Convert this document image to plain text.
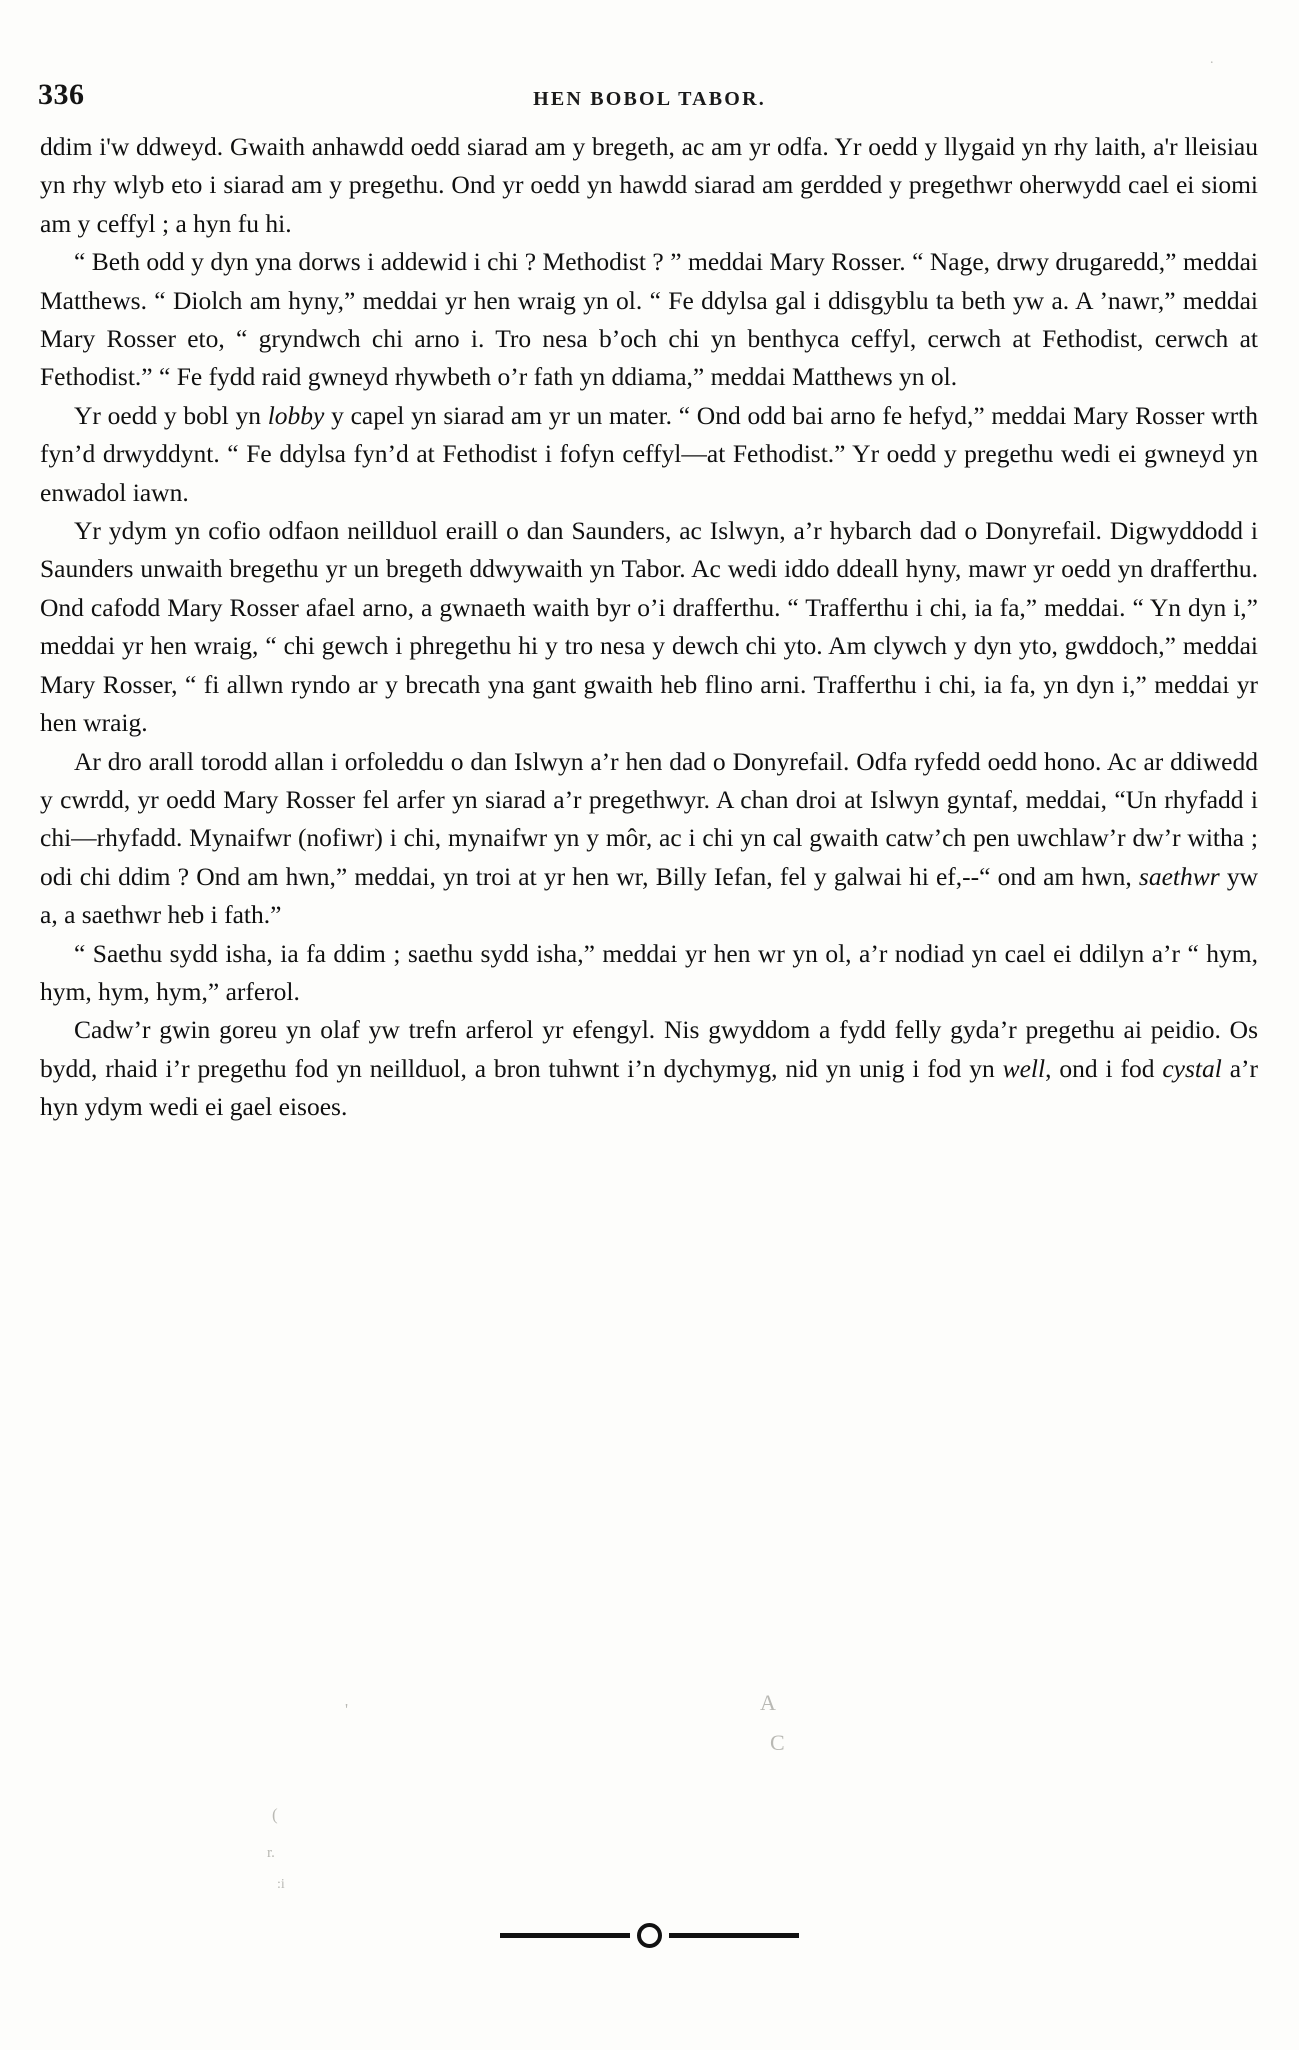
336	HEN BOBOL TABOR.

ddim i'w ddweyd. Gwaith anhawdd oedd siarad am y bregeth, ac am yr odfa. Yr oedd y llygaid yn rhy laith, a'r lleisiau yn rhy wlyb eto i siarad am y pregethu. Ond yr oedd yn hawdd siarad am gerdded y pregethwr oherwydd cael ei siomi am y ceffyl ; a hyn fu hi.

“ Beth odd y dyn yna dorws i addewid i chi ? Methodist ? ” meddai Mary Rosser. “ Nage, drwy drugaredd,” meddai Matthews. “ Diolch am hyny,” meddai yr hen wraig yn ol. “ Fe ddylsa gal i ddisgyblu ta beth yw a. A ’nawr,” meddai Mary Rosser eto, “ gryndwch chi arno i. Tro nesa b’och chi yn benthyca ceffyl, cerwch at Fethodist, cerwch at Fethodist.” “ Fe fydd raid gwneyd rhywbeth o’r fath yn ddiama,” meddai Matthews yn ol.

Yr oedd y bobl yn lobby y capel yn siarad am yr un mater. “ Ond odd bai arno fe hefyd,” meddai Mary Rosser wrth fyn’d drwyddynt. “ Fe ddylsa fyn’d at Fethodist i fofyn ceffyl—at Fethodist.” Yr oedd y pregethu wedi ei gwneyd yn enwadol iawn.

Yr ydym yn cofio odfaon neillduol eraill o dan Saunders, ac Islwyn, a’r hybarch dad o Donyrefail. Digwyddodd i Saunders unwaith bregethu yr un bregeth ddwywaith yn Tabor. Ac wedi iddo ddeall hyny, mawr yr oedd yn drafferthu. Ond cafodd Mary Rosser afael arno, a gwnaeth waith byr o’i drafferthu. “ Trafferthu i chi, ia fa,” meddai. “ Yn dyn i,” meddai yr hen wraig, “ chi gewch i phregethu hi y tro nesa y dewch chi yto. Am clywch y dyn yto, gwddoch,” meddai Mary Rosser, “ fi allwn ryndo ar y brecath yna gant gwaith heb flino arni. Trafferthu i chi, ia fa, yn dyn i,” meddai yr hen wraig.

Ar dro arall torodd allan i orfoleddu o dan Islwyn a’r hen dad o Donyrefail. Odfa ryfedd oedd hono. Ac ar ddiwedd y cwrdd, yr oedd Mary Rosser fel arfer yn siarad a’r pregethwyr. A chan droi at Islwyn gyntaf, meddai, “Un rhyfadd i chi—rhyfadd. Mynaifwr (nofiwr) i chi, mynaifwr yn y môr, ac i chi yn cal gwaith catw’ch pen uwchlaw’r dw’r witha ; odi chi ddim ? Ond am hwn,” meddai, yn troi at yr hen wr, Billy Iefan, fel y galwai hi ef,--“ ond am hwn, saethwr yw a, a saethwr heb i fath.”

“ Saethu sydd isha, ia fa ddim ; saethu sydd isha,” meddai yr hen wr yn ol, a’r nodiad yn cael ei ddilyn a’r “ hym, hym, hym, hym,” arferol.

Cadw’r gwin goreu yn olaf yw trefn arferol yr efengyl. Nis gwyddom a fydd felly gyda’r pregethu ai peidio. Os bydd, rhaid i’r pregethu fod yn neillduol, a bron tuhwnt i’n dychymyg, nid yn unig i fod yn well, ond i fod cystal a’r hyn ydym wedi ei gael eisoes.

'	A
C
(
r.
:i
.
